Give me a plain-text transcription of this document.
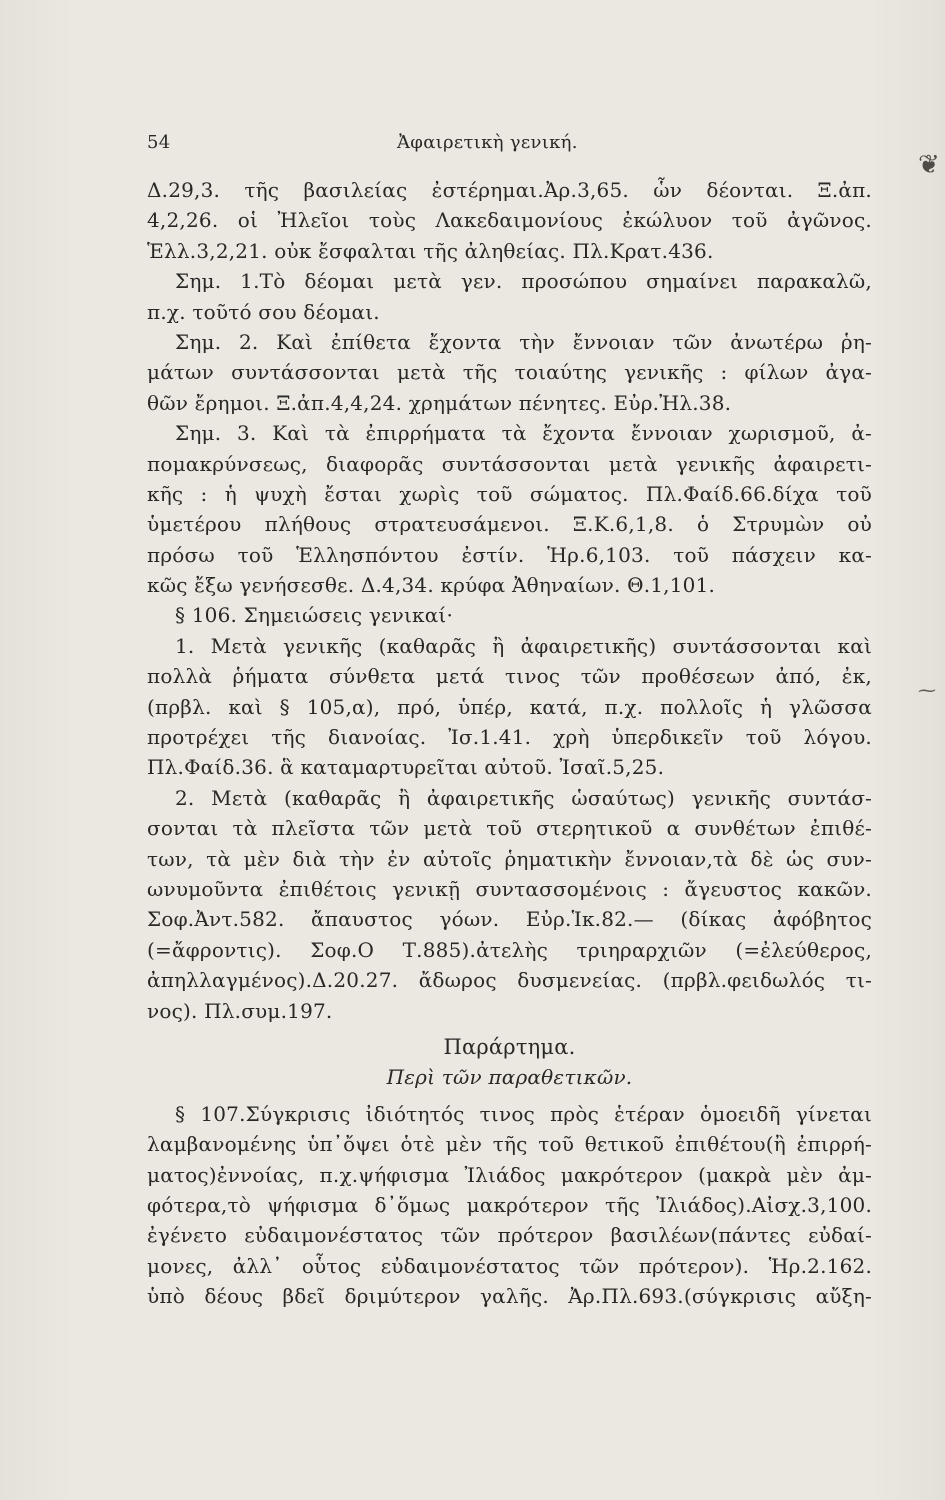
54	Ἀφαιρετικὴ γενική.
❦
⁓
Δ.29,3. τῆς βασιλείας ἐστέρημαι.Ἀρ.3,65. ὧν δέονται. Ξ.ἀπ.
4,2,26. οἱ Ἠλεῖοι τοὺς Λακεδαιμονίους ἐκώλυον τοῦ ἀγῶνος.
Ἑλλ.3,2,21. οὐκ ἔσφαλται τῆς ἀληθείας. Πλ.Κρατ.436.
Σημ. 1.Τὸ δέομαι μετὰ γεν. προσώπου σημαίνει παρακαλῶ,
π.χ. τοῦτό σου δέομαι.
Σημ. 2. Καὶ ἐπίθετα ἔχοντα τὴν ἔννοιαν τῶν ἀνωτέρω ῥη-
μάτων συντάσσονται μετὰ τῆς τοιαύτης γενικῆς : φίλων ἀγα-
θῶν ἔρημοι. Ξ.ἀπ.4,4,24. χρημάτων πένητες. Εὐρ.Ἠλ.38.
Σημ. 3. Καὶ τὰ ἐπιρρήματα τὰ ἔχοντα ἔννοιαν χωρισμοῦ, ἀ-
πομακρύνσεως, διαφορᾶς συντάσσονται μετὰ γενικῆς ἀφαιρετι-
κῆς : ἡ ψυχὴ ἔσται χωρὶς τοῦ σώματος. Πλ.Φαίδ.66.δίχα τοῦ
ὑμετέρου πλήθους στρατευσάμενοι. Ξ.Κ.6,1,8. ὁ Στρυμὼν οὐ
πρόσω τοῦ Ἑλλησπόντου ἐστίν. Ἡρ.6,103. τοῦ πάσχειν κα-
κῶς ἔξω γενήσεσθε. Δ.4,34. κρύφα Ἀθηναίων. Θ.1,101.
§ 106. Σημειώσεις γενικαί·
1. Μετὰ γενικῆς (καθαρᾶς ἢ ἀφαιρετικῆς) συντάσσονται καὶ
πολλὰ ῥήματα σύνθετα μετά τινος τῶν προθέσεων ἀπό, ἐκ,
(πρβλ. καὶ § 105,α), πρό, ὑπέρ, κατά, π.χ. πολλοῖς ἡ γλῶσσα
προτρέχει τῆς διανοίας. Ἰσ.1.41. χρὴ ὑπερδικεῖν τοῦ λόγου.
Πλ.Φαίδ.36. ἃ καταμαρτυρεῖται αὐτοῦ. Ἰσαῖ.5,25.
2. Μετὰ (καθαρᾶς ἢ ἀφαιρετικῆς ὡσαύτως) γενικῆς συντάσ-
σονται τὰ πλεῖστα τῶν μετὰ τοῦ στερητικοῦ α συνθέτων ἐπιθέ-
των, τὰ μὲν διὰ τὴν ἐν αὐτοῖς ῥηματικὴν ἔννοιαν,τὰ δὲ ὡς συν-
ωνυμοῦντα ἐπιθέτοις γενικῇ συντασσομένοις : ἄγευστος κακῶν.
Σοφ.Ἀντ.582. ἄπαυστος γόων. Εὐρ.Ἱκ.82.— (δίκας ἀφόβητος
(=ἄφροντις). Σοφ.Ο Τ.885).ἀτελὴς τριηραρχιῶν (=ἐλεύθερος,
ἀπηλλαγμένος).Δ.20.27. ἄδωρος δυσμενείας. (πρβλ.φειδωλός τι-
νος). Πλ.συμ.197.
Παράρτημα.
Περὶ τῶν παραθετικῶν.
§ 107.Σύγκρισις ἰδιότητός τινος πρὸς ἑτέραν ὁμοειδῆ γίνεται
λαμβανομένης ὑπ᾽ὄψει ὁτὲ μὲν τῆς τοῦ θετικοῦ ἐπιθέτου(ἢ ἐπιρρή-
ματος)ἐννοίας, π.χ.ψήφισμα Ἰλιάδος μακρότερον (μακρὰ μὲν ἀμ-
φότερα,τὸ ψήφισμα δ᾽ὅμως μακρότερον τῆς Ἰλιάδος).Αἰσχ.3,100.
ἐγένετο εὐδαιμονέστατος τῶν πρότερον βασιλέων(πάντες εὐδαί-
μονες, ἀλλ᾽ οὗτος εὐδαιμονέστατος τῶν πρότερον). Ἡρ.2.162.
ὑπὸ δέους βδεῖ δριμύτερον γαλῆς. Ἀρ.Πλ.693.(σύγκρισις αὔξη-
